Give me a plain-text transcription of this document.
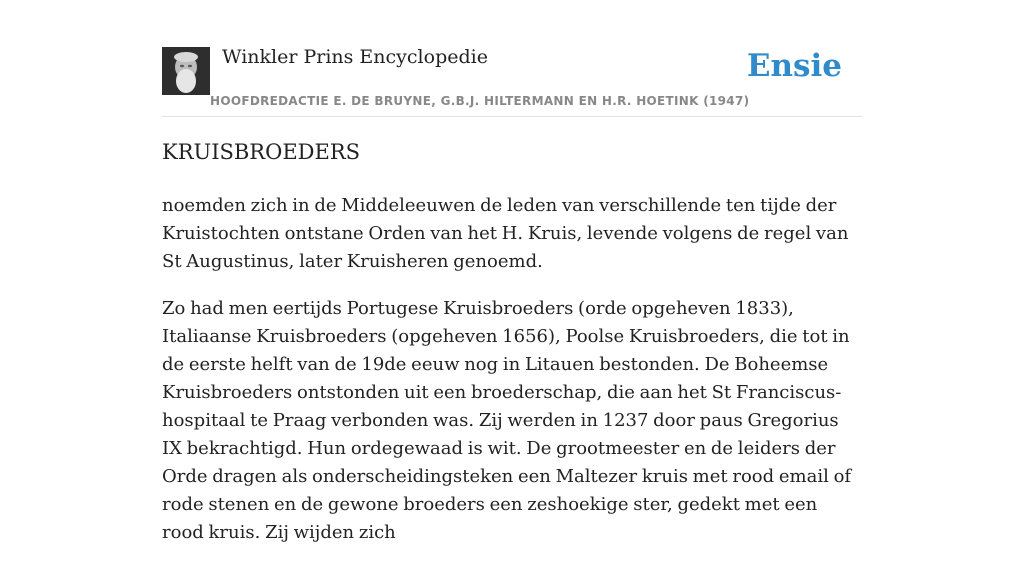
Winkler Prins Encyclopedie
HOOFDREDACTIE E. DE BRUYNE, G.B.J. HILTERMANN EN H.R. HOETINK (1947)
Ensie
KRUISBROEDERS

noemden zich in de Middeleeuwen de leden van verschillende ten tijde der Kruistochten ontstane Orden van het H. Kruis, levende volgens de regel van St Augustinus, later Kruisheren genoemd.

Zo had men eertijds Portugese Kruisbroeders (orde opgeheven 1833), Italiaanse Kruisbroeders (opgeheven 1656), Poolse Kruisbroeders, die tot in de eerste helft van de 19de eeuw nog in Litauen bestonden. De Boheemse Kruisbroeders ontstonden uit een broederschap, die aan het St Franciscus-hospitaal te Praag verbonden was. Zij werden in 1237 door paus Gregorius IX bekrachtigd. Hun ordegewaad is wit. De grootmeester en de leiders der Orde dragen als onderscheidingsteken een Maltezer kruis met rood email of rode stenen en de gewone broeders een zeshoekige ster, gedekt met een rood kruis. Zij wijden zich
